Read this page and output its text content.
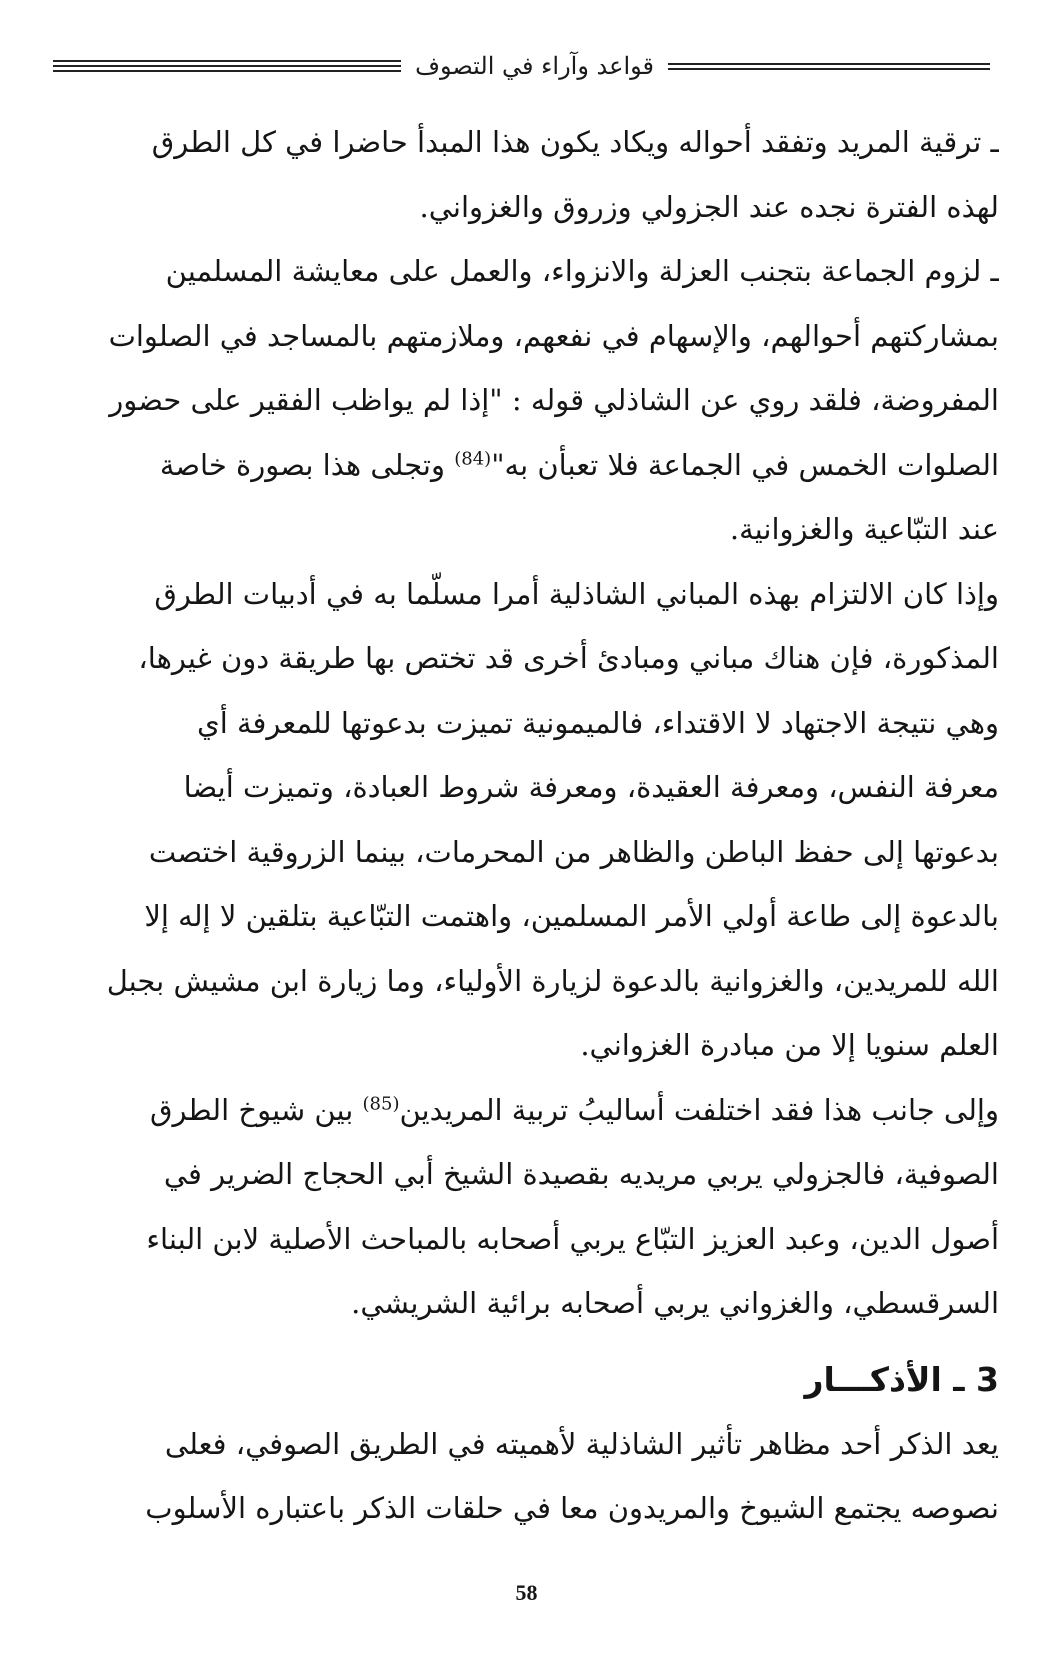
قواعد وآراء في التصوف

ـ ترقية المريد وتفقد أحواله ويكاد يكون هذا المبدأ حاضرا في كل الطرق
لهذه الفترة نجده عند الجزولي وزروق والغزواني.

ـ لزوم الجماعة بتجنب العزلة والانزواء، والعمل على معايشة المسلمين
بمشاركتهم أحوالهم، والإسهام في نفعهم، وملازمتهم بالمساجد في الصلوات
المفروضة، فلقد روي عن الشاذلي قوله : "إذا لم يواظب الفقير على حضور
الصلوات الخمس في الجماعة فلا تعبأن به"$^{(84)}$ وتجلى هذا بصورة خاصة
عند التبّاعية والغزوانية.

وإذا كان الالتزام بهذه المباني الشاذلية أمرا مسلّما به في أدبيات الطرق
المذكورة، فإن هناك مباني ومبادئ أخرى قد تختص بها طريقة دون غيرها،
وهي نتيجة الاجتهاد لا الاقتداء، فالميمونية تميزت بدعوتها للمعرفة أي
معرفة النفس، ومعرفة العقيدة، ومعرفة شروط العبادة، وتميزت أيضا
بدعوتها إلى حفظ الباطن والظاهر من المحرمات، بينما الزروقية اختصت
بالدعوة إلى طاعة أولي الأمر المسلمين، واهتمت التبّاعية بتلقين لا إله إلا
الله للمريدين، والغزوانية بالدعوة لزيارة الأولياء، وما زيارة ابن مشيش بجبل
العلم سنويا إلا من مبادرة الغزواني.

وإلى جانب هذا فقد اختلفت أساليبُ تربية المريدين$^{(85)}$ بين شيوخ الطرق
الصوفية، فالجزولي يربي مريديه بقصيدة الشيخ أبي الحجاج الضرير في
أصول الدين، وعبد العزيز التبّاع يربي أصحابه بالمباحث الأصلية لابن البناء
السرقسطي، والغزواني يربي أصحابه برائية الشريشي.

3 ـ الأذكـــار

يعد الذكر أحد مظاهر تأثير الشاذلية لأهميته في الطريق الصوفي، فعلى
نصوصه يجتمع الشيوخ والمريدون معا في حلقات الذكر باعتباره الأسلوب

58
